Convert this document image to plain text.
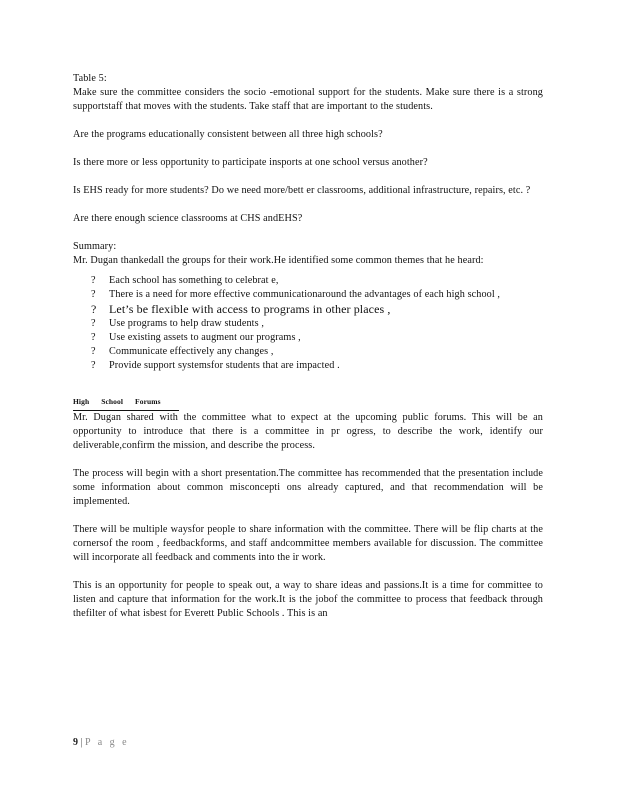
Table 5:

Make sure the committee considers the socio -emotional support for the students. Make sure there is a strong supportstaff that moves with the students. Take staff that are important to the students.

Are the programs educationally consistent between all three high schools?

Is there more or less opportunity to participate insports at one school versus another?

Is EHS ready for more students? Do we need more/bett er classrooms, additional infrastructure, repairs, etc. ?

Are there enough science classrooms at CHS andEHS?

Summary:

Mr. Dugan thankedall the groups for their work.He identified some common themes that he heard:

? Each school has something to celebrat e,
? There is a need for more effective communicationaround the advantages of each high school ,
? Let’s be flexible with access to programs in other places ,
? Use programs to help draw students ,
? Use existing assets to augment our programs ,
? Communicate effectively any changes ,
? Provide support systemsfor students that are impacted .
High School Forums

Mr. Dugan shared with the committee what to expect at the upcoming public forums. This will be an opportunity to introduce that there is a committee in pr ogress, to describe the work, identify our deliverable,confirm the mission, and describe the process.

The process will begin with a short presentation.The committee has recommended that the presentation include some information about common misconcepti ons already captured, and that recommendation will be implemented.

There will be multiple waysfor people to share information with the committee. There will be flip charts at the cornersof the room , feedbackforms, and staff andcommittee members available for discussion. The committee will incorporate all feedback and comments into the ir work.

This is an opportunity for people to speak out, a way to share ideas and passions.It is a time for committee to listen and capture that information for the work.It is the jobof the committee to process that feedback through thefilter of what isbest for Everett Public Schools . This is an

9 | P a g e
